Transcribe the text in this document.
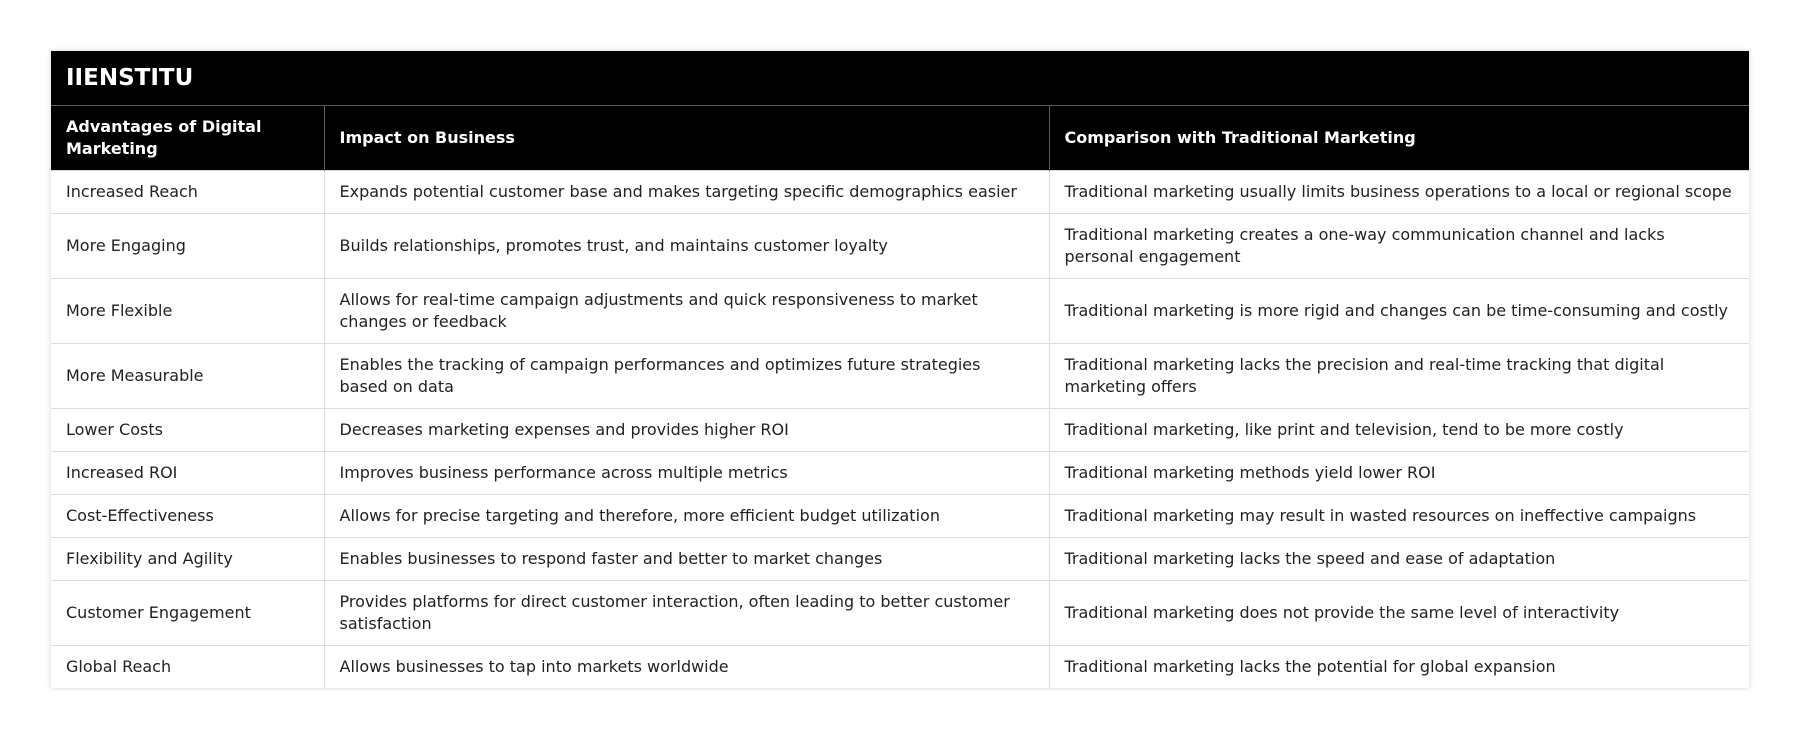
IIENSTITU		
Advantages of Digital Marketing	Impact on Business	Comparison with Traditional Marketing
Increased Reach	Expands potential customer base and makes targeting specific demographics easier	Traditional marketing usually limits business operations to a local or regional scope
More Engaging	Builds relationships, promotes trust, and maintains customer loyalty	Traditional marketing creates a one-way communication channel and lacks personal engagement
More Flexible	Allows for real-time campaign adjustments and quick responsiveness to market changes or feedback	Traditional marketing is more rigid and changes can be time-consuming and costly
More Measurable	Enables the tracking of campaign performances and optimizes future strategies based on data	Traditional marketing lacks the precision and real-time tracking that digital marketing offers
Lower Costs	Decreases marketing expenses and provides higher ROI	Traditional marketing, like print and television, tend to be more costly
Increased ROI	Improves business performance across multiple metrics	Traditional marketing methods yield lower ROI
Cost-Effectiveness	Allows for precise targeting and therefore, more efficient budget utilization	Traditional marketing may result in wasted resources on ineffective campaigns
Flexibility and Agility	Enables businesses to respond faster and better to market changes	Traditional marketing lacks the speed and ease of adaptation
Customer Engagement	Provides platforms for direct customer interaction, often leading to better customer satisfaction	Traditional marketing does not provide the same level of interactivity
Global Reach	Allows businesses to tap into markets worldwide	Traditional marketing lacks the potential for global expansion
